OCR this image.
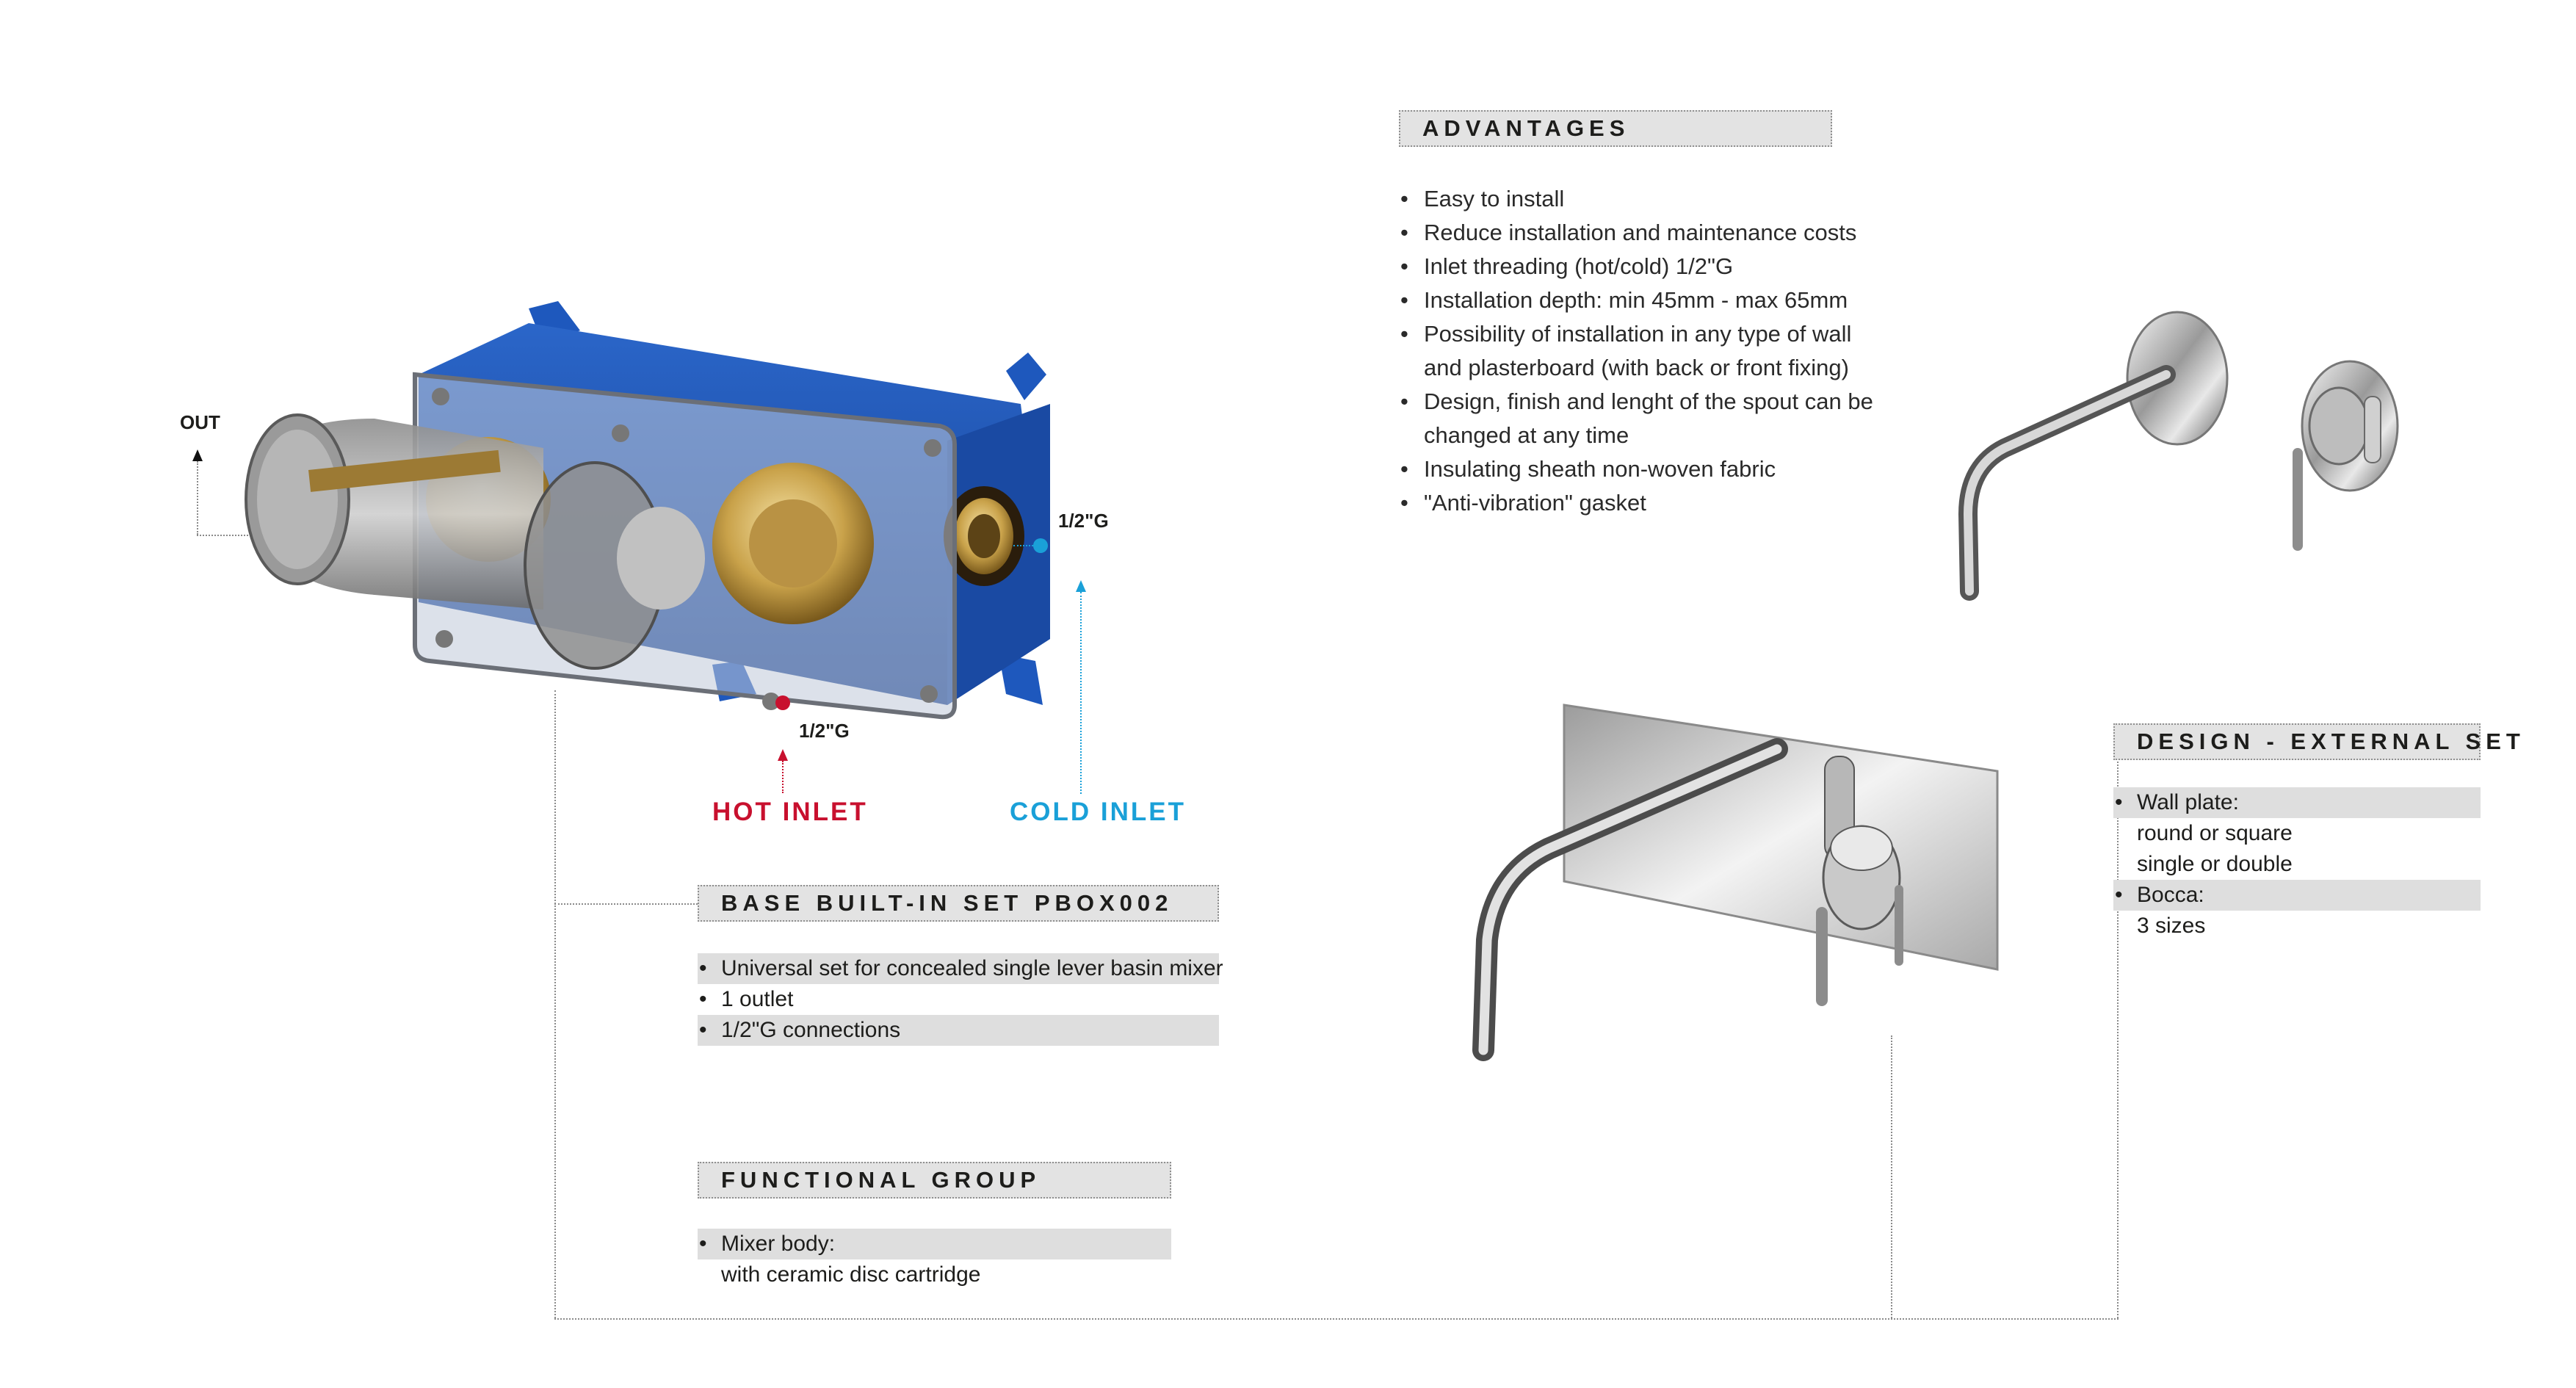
OUT
1/2"G
COLD INLET
1/2"G
HOT INLET
ADVANTAGES
• Easy to install
• Reduce installation and maintenance costs
• Inlet threading (hot/cold) 1/2"G
• Installation depth: min 45mm - max 65mm
• Possibility of installation in any type of wall
and plasterboard (with back or front fixing)
• Design, finish and lenght of the spout can be
changed at any time
• Insulating sheath non-woven fabric
• "Anti-vibration" gasket
BASE BUILT-IN SET PBOX002
• Universal set for concealed single lever basin mixer
• 1 outlet
• 1/2"G connections
FUNCTIONAL GROUP
• Mixer body:
with ceramic disc cartridge
DESIGN - EXTERNAL SET
• Wall plate:
round or square
single or double
• Bocca:
3 sizes
